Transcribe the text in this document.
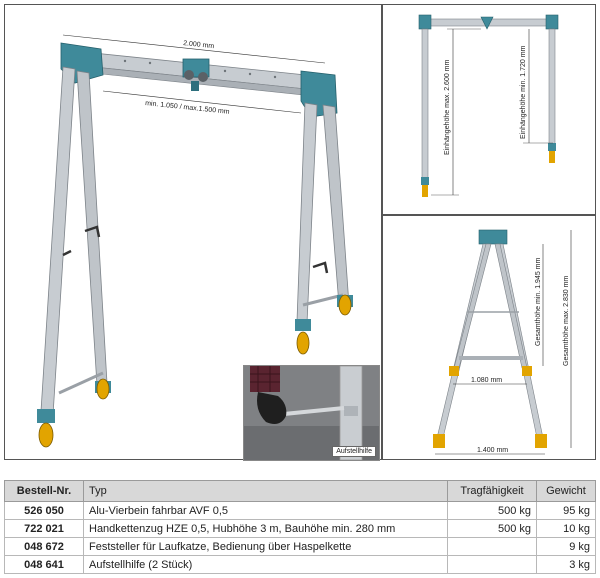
2.000 mm
min. 1.050 / max.1.500 mm
Aufstellhilfe
Einhängehöhe max. 2.600 mm	Einhängehöhe min. 1.720 mm
1.080 mm
1.400 mm
Gesamthöhe min. 1.945 mm	Gesamthöhe max. 2.830 mm
Bestell-Nr.	Typ	Tragfähigkeit	Gewicht
526 050	Alu-Vierbein fahrbar AVF 0,5	500 kg	95 kg
722 021	Handkettenzug HZE 0,5, Hubhöhe 3 m, Bauhöhe min. 280 mm	500 kg	10 kg
048 672	Feststeller für Laufkatze, Bedienung über Haspelkette		9 kg
048 641	Aufstellhilfe (2 Stück)		3 kg
